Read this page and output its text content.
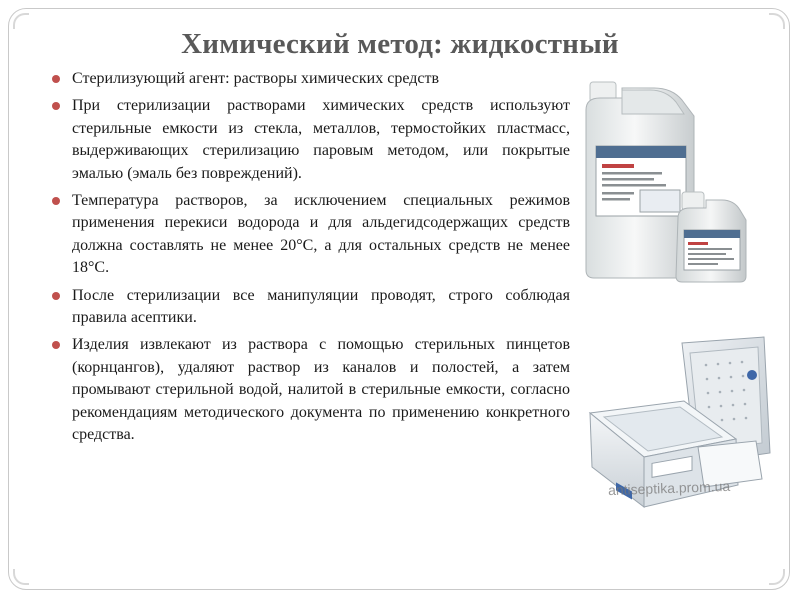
Химический метод: жидкостный
Стерилизующий агент: растворы химических средств
При стерилизации растворами химических средств используют стерильные емкости из стекла, металлов, термостойких пластмасс, выдерживающих стерилизацию паровым методом, или покрытые эмалью (эмаль без повреждений).
Температура растворов, за исключением специальных режимов применения перекиси водорода и для альдегидсодержащих средств должна составлять не менее 20°С, а для остальных средств не менее 18°С.
После стерилизации все манипуляции проводят, строго соблюдая правила асептики.
Изделия извлекают из раствора с помощью стерильных пинцетов (корнцангов), удаляют раствор из каналов и полостей, а затем промывают стерильной водой, налитой в стерильные емкости, согласно рекомендациям методического документа по применению конкретного средства.
antiseptika.prom.ua
